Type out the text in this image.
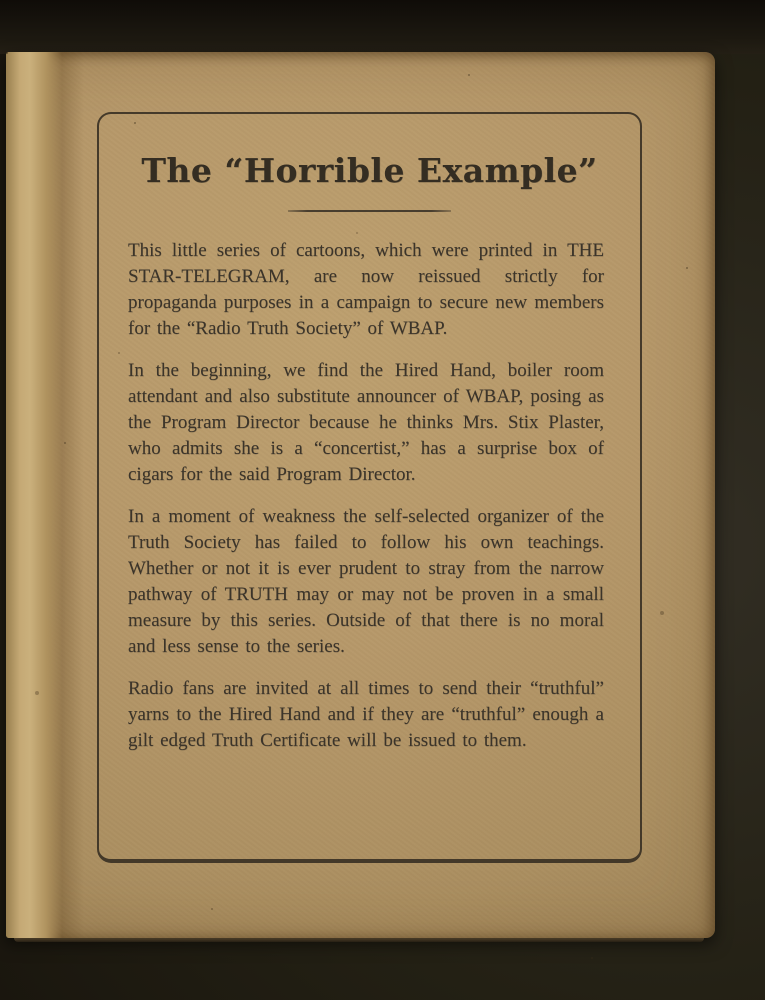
The “Horrible Example”

This little series of cartoons, which were printed in THE STAR-TELEGRAM, are now reissued strictly for propaganda purposes in a campaign to secure new members for the “Radio Truth Society” of WBAP.

In the beginning, we find the Hired Hand, boiler room attendant and also substitute announcer of WBAP, posing as the Program Director because he thinks Mrs. Stix Plaster, who admits she is a “concertist,” has a surprise box of cigars for the said Program Director.

In a moment of weakness the self-selected organizer of the Truth Society has failed to follow his own teachings. Whether or not it is ever prudent to stray from the narrow pathway of TRUTH may or may not be proven in a small measure by this series. Outside of that there is no moral and less sense to the series.

Radio fans are invited at all times to send their “truthful” yarns to the Hired Hand and if they are “truthful” enough a gilt edged Truth Certificate will be issued to them.
